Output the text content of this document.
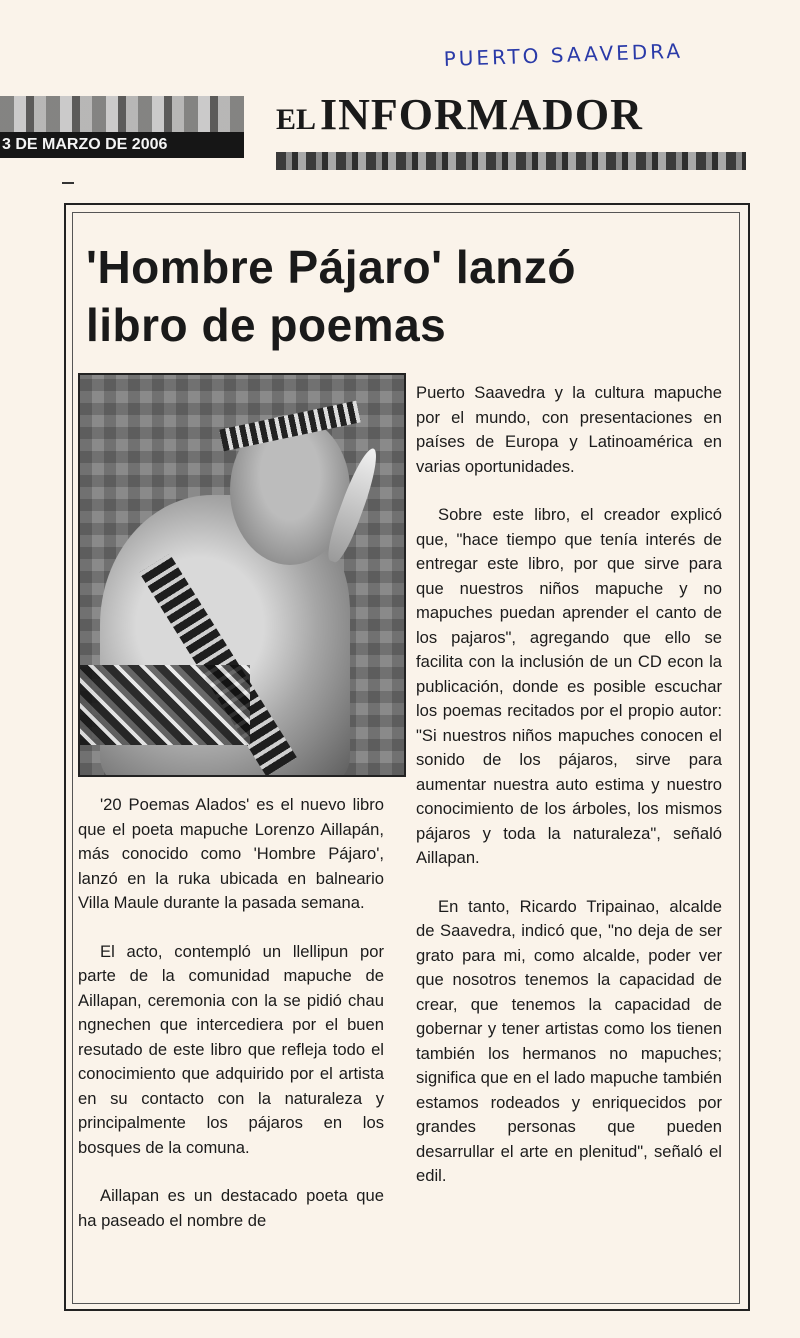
PUERTO SAAVEDRA
3 DE MARZO DE 2006
EL INFORMADOR
'Hombre Pájaro' lanzó
libro de poemas

'20 Poemas Alados' es el nuevo libro que el poeta mapuche Lorenzo Aillapán, más conocido como 'Hombre Pájaro', lanzó en la ruka ubicada en balneario Villa Maule durante la pasada semana.

El acto, contempló un llellipun por parte de la comunidad mapuche de Aillapan, ceremonia con la se pidió chau ngnechen que intercediera por el buen resutado de este libro que refleja todo el conocimiento que adquirido por el artista en su contacto con la naturaleza y principalmente los pájaros en los bosques de la comuna.

Aillapan es un destacado poeta que ha paseado el nombre de

Puerto Saavedra y la cultura mapuche por el mundo, con presentaciones en países de Europa y Latinoamérica en varias oportunidades.

Sobre este libro, el creador explicó que, "hace tiempo que tenía interés de entregar este libro, por que sirve para que nuestros niños mapuche y no mapuches puedan aprender el canto de los pajaros", agregando que ello se facilita con la inclusión de un CD econ la publicación, donde es posible escuchar los poemas recitados por el propio autor: "Si nuestros niños mapuches conocen el sonido de los pájaros, sirve para aumentar nuestra auto estima y nuestro conocimiento de los árboles, los mismos pájaros y toda la naturaleza", señaló Aillapan.

En tanto, Ricardo Tripainao, alcalde de Saavedra, indicó que, "no deja de ser grato para mi, como alcalde, poder ver que nosotros tenemos la capacidad de crear, que tenemos la capacidad de gobernar y tener artistas como los tienen también los hermanos no mapuches; significa que en el lado mapuche también estamos rodeados y enriquecidos por grandes personas que pueden desarrullar el arte en plenitud", señaló el edil.
